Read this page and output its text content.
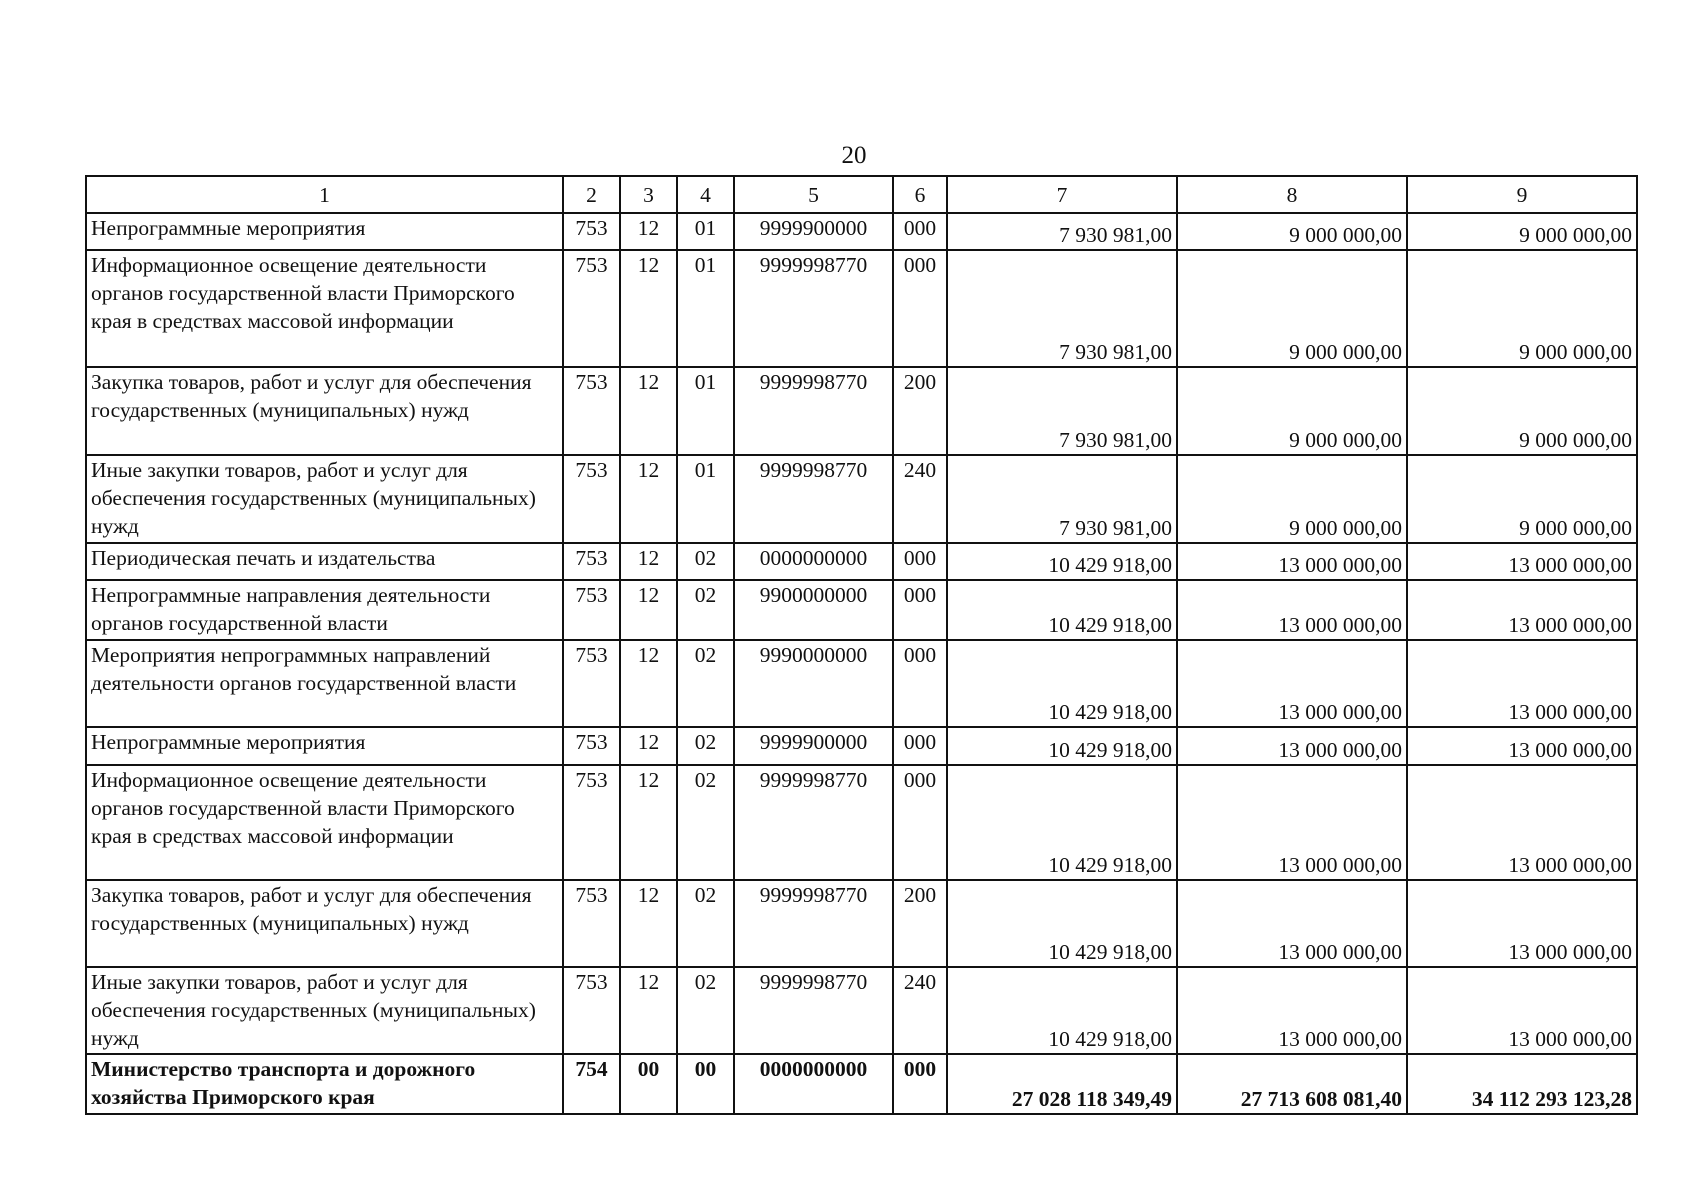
20
1	2	3	4	5	6	7	8	9
Непрограммные мероприятия	753	12	01	9999900000	000	7 930 981,00	9 000 000,00	9 000 000,00
Информационное освещение деятельности органов государственной власти Приморского края в средствах массовой информации	753	12	01	9999998770	000	7 930 981,00	9 000 000,00	9 000 000,00
Закупка товаров, работ и услуг для обеспечения государственных (муниципальных) нужд	753	12	01	9999998770	200	7 930 981,00	9 000 000,00	9 000 000,00
Иные закупки товаров, работ и услуг для обеспечения государственных (муниципальных) нужд	753	12	01	9999998770	240	7 930 981,00	9 000 000,00	9 000 000,00
Периодическая печать и издательства	753	12	02	0000000000	000	10 429 918,00	13 000 000,00	13 000 000,00
Непрограммные направления деятельности органов государственной власти	753	12	02	9900000000	000	10 429 918,00	13 000 000,00	13 000 000,00
Мероприятия непрограммных направлений деятельности органов государственной власти	753	12	02	9990000000	000	10 429 918,00	13 000 000,00	13 000 000,00
Непрограммные мероприятия	753	12	02	9999900000	000	10 429 918,00	13 000 000,00	13 000 000,00
Информационное освещение деятельности органов государственной власти Приморского края в средствах массовой информации	753	12	02	9999998770	000	10 429 918,00	13 000 000,00	13 000 000,00
Закупка товаров, работ и услуг для обеспечения государственных (муниципальных) нужд	753	12	02	9999998770	200	10 429 918,00	13 000 000,00	13 000 000,00
Иные закупки товаров, работ и услуг для обеспечения государственных (муниципальных) нужд	753	12	02	9999998770	240	10 429 918,00	13 000 000,00	13 000 000,00
Министерство транспорта и дорожного хозяйства Приморского края	754	00	00	0000000000	000	27 028 118 349,49	27 713 608 081,40	34 112 293 123,28
